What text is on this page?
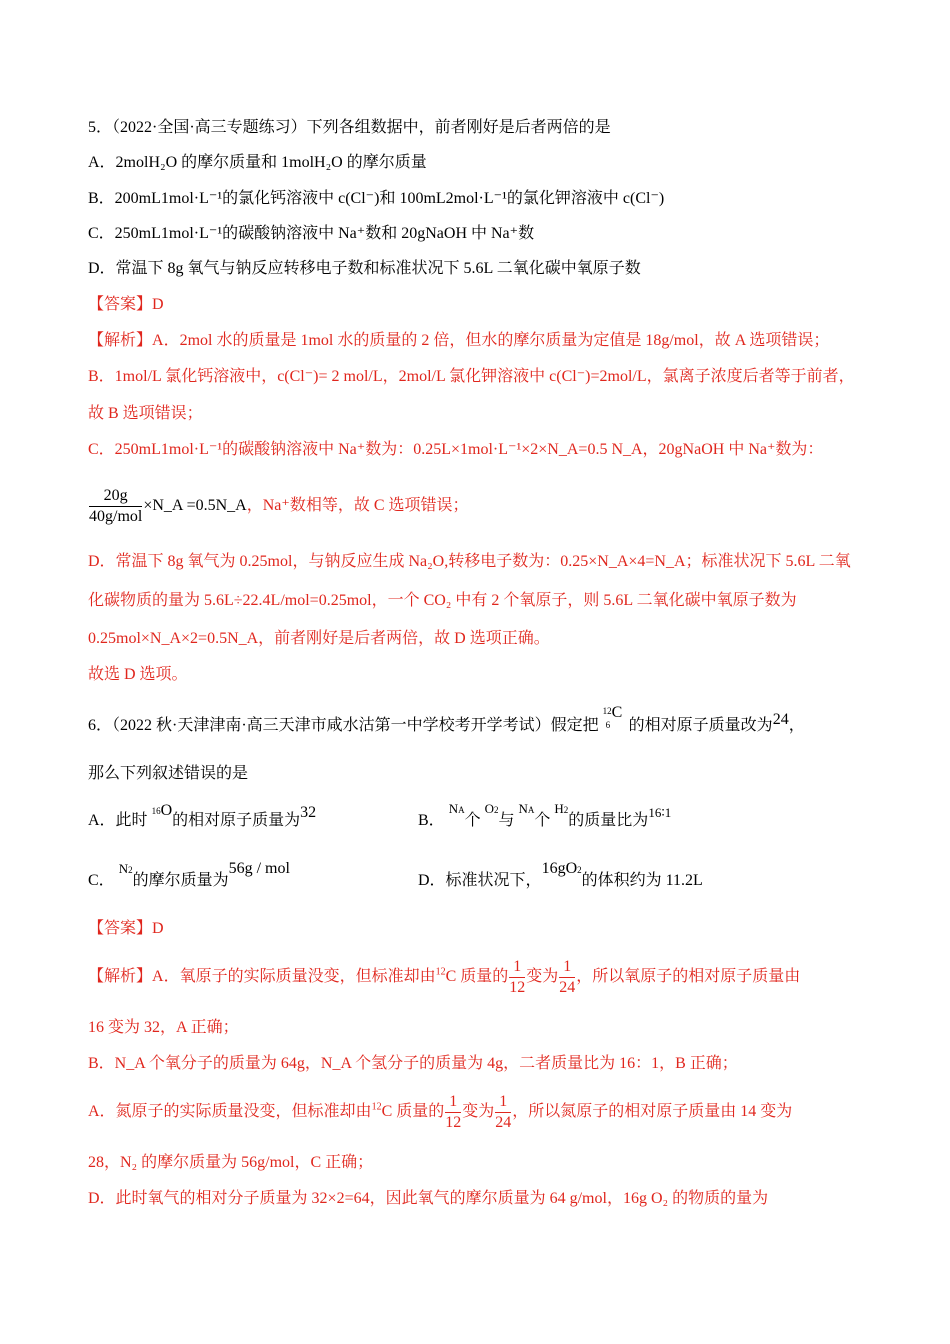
5．（2022·全国·高三专题练习）下列各组数据中，前者刚好是后者两倍的是
A．2molH₂O 的摩尔质量和 1molH₂O 的摩尔质量
B．200mL1mol·L⁻¹的氯化钙溶液中 c(Cl⁻)和 100mL2mol·L⁻¹的氯化钾溶液中 c(Cl⁻)
C．250mL1mol·L⁻¹的碳酸钠溶液中 Na⁺数和 20gNaOH 中 Na⁺数
D．常温下 8g 氧气与钠反应转移电子数和标准状况下 5.6L 二氧化碳中氧原子数
【答案】D
【解析】A．2mol 水的质量是 1mol 水的质量的 2 倍，但水的摩尔质量为定值是 18g/mol，故 A 选项错误；
B．1mol/L 氯化钙溶液中，c(Cl⁻)= 2 mol/L，2mol/L 氯化钾溶液中 c(Cl⁻)=2mol/L，氯离子浓度后者等于前者，
故 B 选项错误；
C．250mL1mol·L⁻¹的碳酸钠溶液中 Na⁺数为：0.25L×1mol·L⁻¹×2×N_A=0.5 N_A，20gNaOH 中 Na⁺数为：
$\frac{20g}{\text{40g/mol}}$ ×N_A =0.5N_A，Na⁺数相等，故 C 选项错误；
D．常温下 8g 氧气为 0.25mol，与钠反应生成 Na₂O,转移电子数为：0.25×N_A×4=N_A；标准状况下 5.6L 二氧
化碳物质的量为 5.6L÷22.4L/mol=0.25mol，一个 CO₂ 中有 2 个氧原子，则 5.6L 二氧化碳中氧原子数为
0.25mol×N_A×2=0.5N_A，前者刚好是后者两倍，故 D 选项正确。
故选 D 选项。
6．（2022 秋·天津津南·高三天津市咸水沽第一中学校考开学考试）假定把
12
6
C
的相对原子质量改为24，
那么下列叙述错误的是
A．此时 $^{16}$O的相对原子质量为32	B． $^{NA}$个 $^{O2}$与 $^{NA}$个 $^{H2}$的质量比为$^{16∶1}$
C． $^{N2}$的摩尔质量为56g / mol
D．标准状况下，16gO2的体积约为 11.2L
【答案】D
【解析】A．氧原子的实际质量没变，但标准却由$^{12}$C 质量的 $\frac{1}{12}$ 变为 $\frac{1}{24}$ ，所以氧原子的相对原子质量由
16 变为 32，A 正确；
B．N_A 个氧分子的质量为 64g，N_A 个氢分子的质量为 4g，二者质量比为 16：1，B 正确；
A．氮原子的实际质量没变，但标准却由$^{12}$C 质量的 $\frac{1}{12}$ 变为 $\frac{1}{24}$ ，所以氮原子的相对原子质量由 14 变为
28，N₂ 的摩尔质量为 56g/mol，C 正确；
D．此时氧气的相对分子质量为 32×2=64，因此氧气的摩尔质量为 64 g/mol，16g O₂ 的物质的量为
